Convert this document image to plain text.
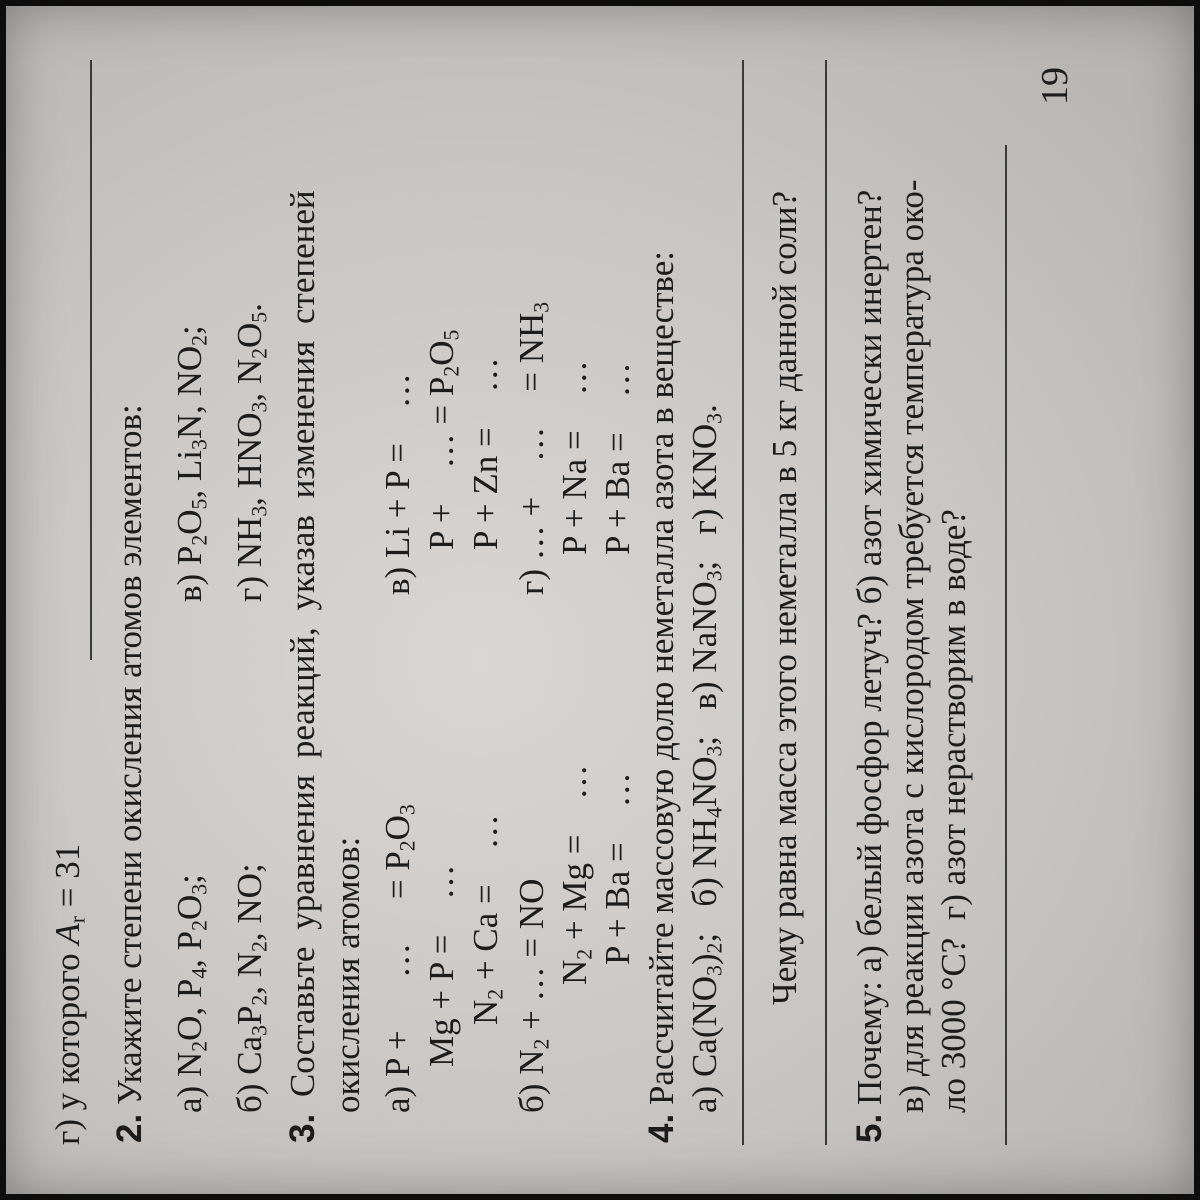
г) у которого $A_r = 31$
2. Укажите степени окисления атомов элементов: а) $N_2O$, $P_4$, $P_2O_3$;
в) $P_2O_5$, $Li_3N$, $NO_2$;
б) $Ca_3P_2$, $N_2$, NO;
г) $NH_3$, $HNO_3$, $N_2O_5$.
3. Составьте уравнения реакций, указав изменения степеней окисления атомов: а) P +      …     = $P_2O_3$
Mg + P =    … $N_2 + Ca$ =    …
в) Li + P =    … P +    … = $P_2O_5$
P + Zn =    …
б) $N_2$ + … = NO $N_2 + Mg$ =    … P + Ba =    …
г) … +    …    = $NH_3$
P + Na =    … P + Ba =    …
4. Рассчитайте массовую долю неметалла азота в веществе: а) $Ca(NO_3)_2$;   б) $NH_4NO_3$;   в) NaNO$_3$;   г) $KNO_3$. Чему равна масса этого неметалла в 5 кг данной соли?
5. Почему: а) белый фосфор летуч? б) азот химически инертен? в) для реакции азота с кислородом требуется температура око- ло 3000 °C?  г) азот нерастворим в воде?
19
